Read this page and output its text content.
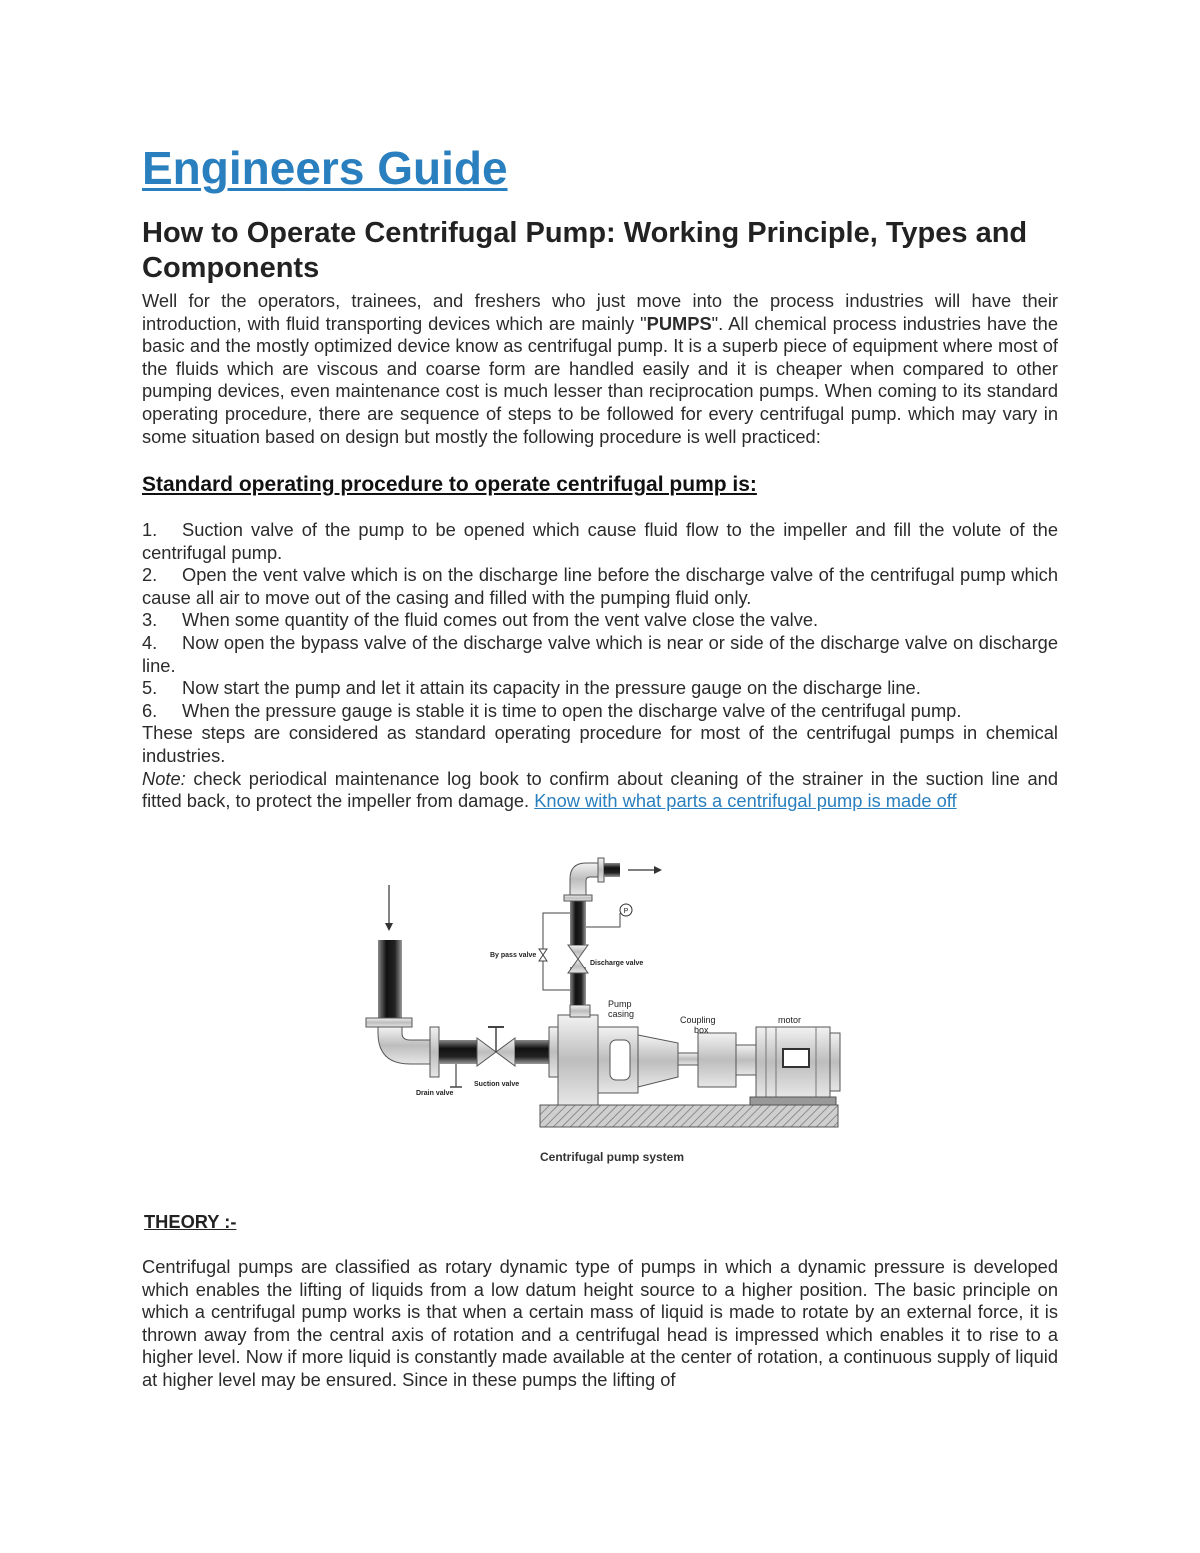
Engineers Guide
How to Operate Centrifugal Pump: Working Principle, Types and Components

Well for the operators, trainees, and freshers who just move into the process industries will have their introduction, with fluid transporting devices which are mainly "PUMPS". All chemical process industries have the basic and the mostly optimized device know as centrifugal pump. It is a superb piece of equipment where most of the fluids which are viscous and coarse form are handled easily and it is cheaper when compared to other pumping devices, even maintenance cost is much lesser than reciprocation pumps. When coming to its standard operating procedure, there are sequence of steps to be followed for every centrifugal pump. which may vary in some situation based on design but mostly the following procedure is well practiced:

Standard operating procedure to operate centrifugal pump is:
1. Suction valve of the pump to be opened which cause fluid flow to the impeller and fill the volute of the centrifugal pump.
2. Open the vent valve which is on the discharge line before the discharge valve of the centrifugal pump which cause all air to move out of the casing and filled with the pumping fluid only.
3. When some quantity of the fluid comes out from the vent valve close the valve.
4. Now open the bypass valve of the discharge valve which is near or side of the discharge valve on discharge line.
5. Now start the pump and let it attain its capacity in the pressure gauge on the discharge line.
6. When the pressure gauge is stable it is time to open the discharge valve of the centrifugal pump.

These steps are considered as standard operating procedure for most of the centrifugal pumps in chemical industries.

Note: check periodical maintenance log book to confirm about cleaning of the strainer in the suction line and fitted back, to protect the impeller from damage. Know with what parts a centrifugal pump is made off
THEORY :-

Centrifugal pumps are classified as rotary dynamic type of pumps in which a dynamic pressure is developed which enables the lifting of liquids from a low datum height source to a higher position. The basic principle on which a centrifugal pump works is that when a certain mass of liquid is made to rotate by an external force, it is thrown away from the central axis of rotation and a centrifugal head is impressed which enables it to rise to a higher level. Now if more liquid is constantly made available at the center of rotation, a continuous supply of liquid at higher level may be ensured. Since in these pumps the lifting of

P
By pass valve
Discharge valve
Pump
casing
Coupling
box
motor
Drain valve
Suction valve

Centrifugal pump system
